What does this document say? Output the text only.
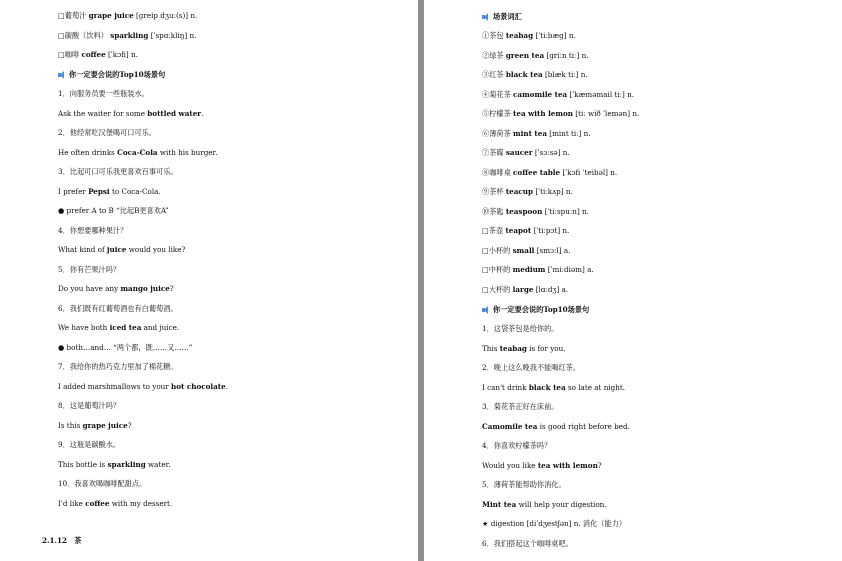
□葡萄汁 grape juice [ɡreip dʒuː(s)] n.
□碳酸（饮料） sparkling [ˈspɑːkliŋ] n.
□咖啡 coffee [ˈkɔfi] n.
你一定要会说的Top10场景句
1．向服务员要一些瓶装水。
Ask the waiter for some bottled water.
2．他经常吃汉堡喝可口可乐。
He often drinks Coca-Cola with his burger.
3．比起可口可乐我更喜欢百事可乐。
I prefer Pepsi to Coca-Cola.
● prefer A to B “比起B更喜欢A”
4．你想要哪种果汁？
What kind of juice would you like?
5．你有芒果汁吗？
Do you have any mango juice?
6．我们既有红葡萄酒也有白葡萄酒。
We have both iced tea and juice.
● both…and… “两个都，既……又……”
7．我给你的热巧克力里加了棉花糖。
I added marshmallows to your hot chocolate.
8．这是葡萄汁吗？
Is this grape juice?
9．这瓶是碳酸水。
This bottle is sparkling water.
10．我喜欢喝咖啡配甜点。
I'd like coffee with my dessert.
2.1.12　茶
场景词汇
①茶包 teabag [ˈtiːbæɡ] n.
②绿茶 green tea [ɡriːn tiː] n.
③红茶 black tea [blæk tiː] n.
④菊花茶 camomile tea [ˈkæməmail tiː] n.
⑤柠檬茶 tea with lemon [tiː wið ˈlemən] n.
⑥薄荷茶 mint tea [mint tiː] n.
⑦茶碟 saucer [ˈsɔːsə] n.
⑧咖啡桌 coffee table [ˈkɔfi ˈteibəl] n.
⑨茶杯 teacup [ˈtiːkʌp] n.
⑩茶匙 teaspoon [ˈtiːspuːn] n.
□茶壶 teapot [ˈtiːpɔt] n.
□小杯的 small [smɔːl] a.
□中杯的 medium [ˈmiːdiəm] a.
□大杯的 large [lɑːdʒ] a.
你一定要会说的Top10场景句
1．这袋茶包是给你的。
This teabag is for you.
2．晚上这么晚我不能喝红茶。
I can't drink black tea so late at night.
3．菊花茶正好在床前。
Camomile tea is good right before bed.
4．你喜欢柠檬茶吗？
Would you like tea with lemon?
5．薄荷茶能帮助你消化。
Mint tea will help your digestion.
★ digestion [diˈdʒestʃən] n. 消化（能力）
6．我们搭起这个咖啡桌吧。
